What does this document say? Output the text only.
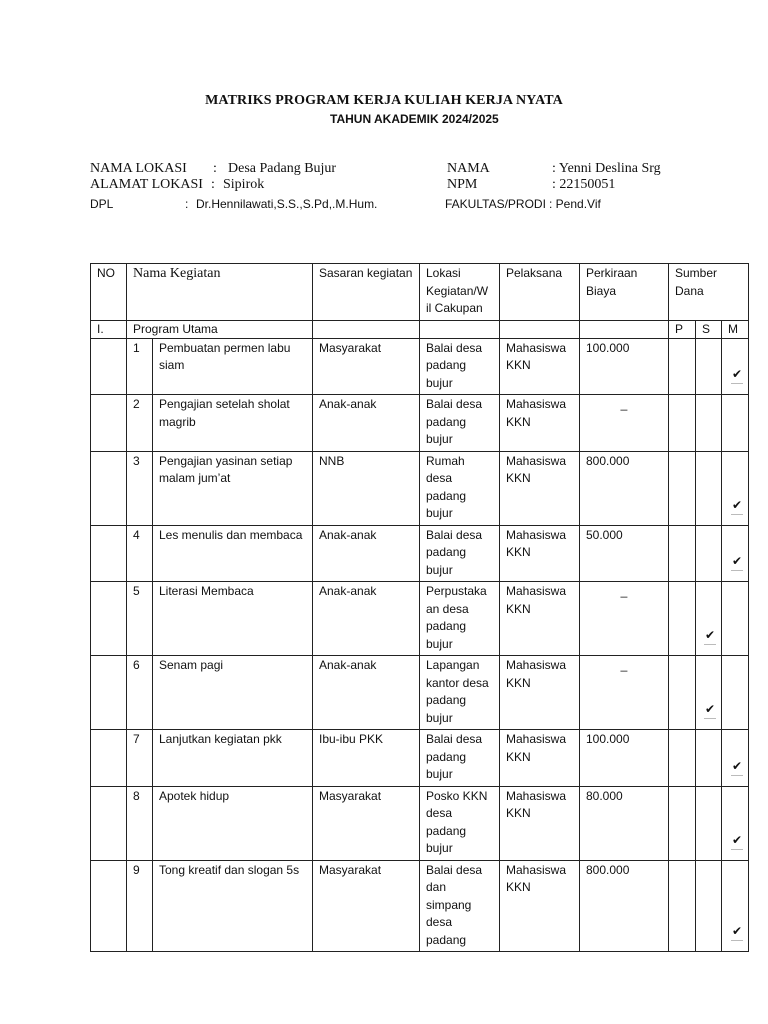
MATRIKS PROGRAM KERJA KULIAH KERJA NYATA
TAHUN AKADEMIK 2024/2025
NAMA LOKASI : Desa Padang Bujur
ALAMAT LOKASI : Sipirok
DPL	: Dr.Hennilawati,S.S.,S.Pd,.M.Hum.
NAMA	: Yenni Deslina Srg
NPM	: 22150051
FAKULTAS/PRODI : Pend.Vif
NO	Nama Kegiatan		Sasaran kegiatan	Lokasi Kegiatan/W il Cakupan	Pelaksana	Perkiraan Biaya	Sumber Dana		
I.	Program Utama						P	S	M
	1	Pembuatan permen labu siam	Masyarakat	Balai desa padang bujur	Mahasiswa KKN	100.000			✔

	2	Pengajian setelah sholat magrib	Anak-anak	Balai desa padang bujur	Mahasiswa KKN	_			
	3	Pengajian yasinan setiap malam jum’at	NNB	Rumah desa padang bujur	Mahasiswa KKN	800.000			✔

	4	Les menulis dan membaca	Anak-anak	Balai desa padang bujur	Mahasiswa KKN	50.000			✔

	5	Literasi Membaca	Anak-anak	Perpustaka an desa padang bujur	Mahasiswa KKN	_		✔	

	6	Senam pagi	Anak-anak	Lapangan kantor desa padang bujur	Mahasiswa KKN	_		✔	

	7	Lanjutkan kegiatan pkk	Ibu-ibu PKK	Balai desa padang bujur	Mahasiswa KKN	100.000			✔

	8	Apotek hidup	Masyarakat	Posko KKN desa padang bujur	Mahasiswa KKN	80.000			✔

	9	Tong kreatif dan slogan 5s	Masyarakat	Balai desa dan simpang desa padang	Mahasiswa KKN	800.000			✔
